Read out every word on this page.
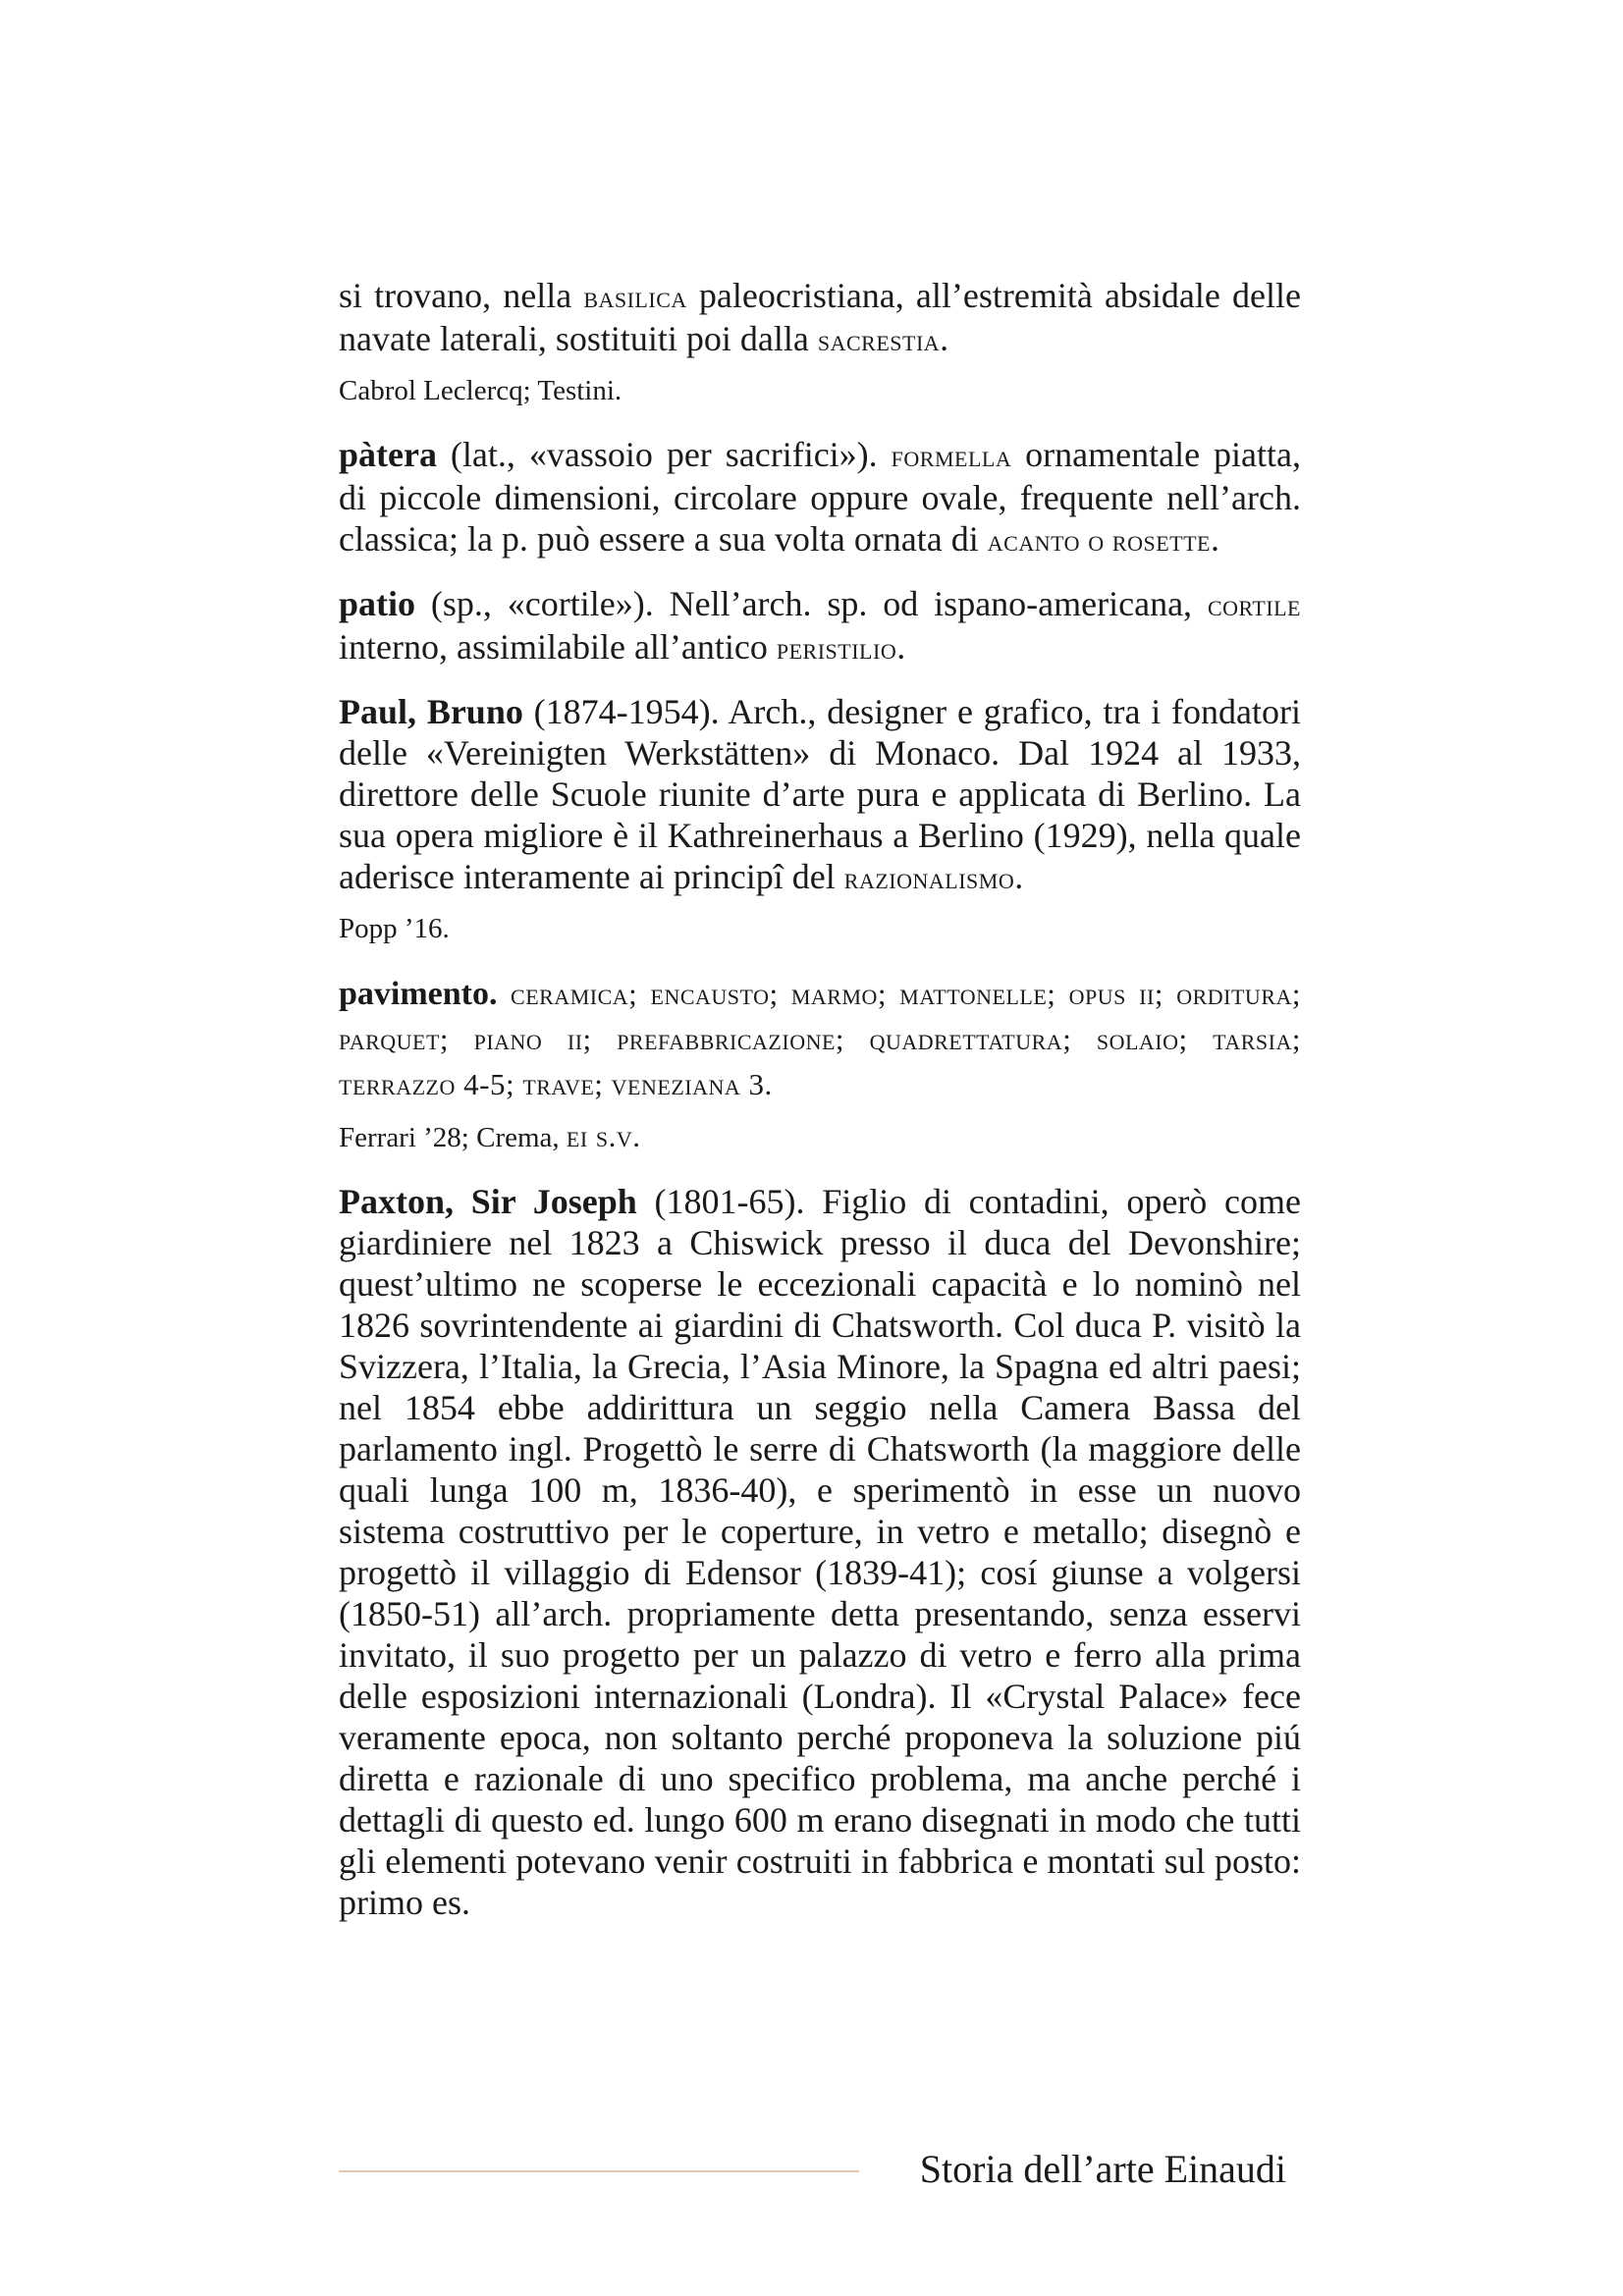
si trovano, nella basilica paleocristiana, all’estremità absidale delle navate laterali, sostituiti poi dalla sacrestia.

Cabrol Leclercq; Testini.

pàtera (lat., «vassoio per sacrifici»). formella ornamentale piatta, di piccole dimensioni, circolare oppure ovale, frequente nell’arch. classica; la p. può essere a sua volta ornata di acanto o rosette.

patio (sp., «cortile»). Nell’arch. sp. od ispano-americana, cortile interno, assimilabile all’antico peristilio.

Paul, Bruno (1874-1954). Arch., designer e grafico, tra i fondatori delle «Vereinigten Werkstätten» di Monaco. Dal 1924 al 1933, direttore delle Scuole riunite d’arte pura e applicata di Berlino. La sua opera migliore è il Kathreinerhaus a Berlino (1929), nella quale aderisce interamente ai principî del razionalismo.

Popp ’16.

pavimento. ceramica; encausto; marmo; mattonelle; opus ii; orditura; parquet; piano ii; prefabbricazione; quadrettatura; solaio; tarsia; terrazzo 4-5; trave; veneziana 3.

Ferrari ’28; Crema, ei s.v.

Paxton, Sir Joseph (1801-65). Figlio di contadini, operò come giardiniere nel 1823 a Chiswick presso il duca del Devonshire; quest’ultimo ne scoperse le eccezionali capacità e lo nominò nel 1826 sovrintendente ai giardini di Chatsworth. Col duca P. visitò la Svizzera, l’Italia, la Grecia, l’Asia Minore, la Spagna ed altri paesi; nel 1854 ebbe addirittura un seggio nella Camera Bassa del parlamento ingl. Progettò le serre di Chatsworth (la maggiore delle quali lunga 100 m, 1836-40), e sperimentò in esse un nuovo sistema costruttivo per le coperture, in vetro e metallo; disegnò e progettò il villaggio di Edensor (1839-41); cosí giunse a volgersi (1850-51) all’arch. propriamente detta presentando, senza esservi invitato, il suo progetto per un palazzo di vetro e ferro alla prima delle esposizioni internazionali (Londra). Il «Crystal Palace» fece veramente epoca, non soltanto perché proponeva la soluzione piú diretta e razionale di uno specifico problema, ma anche perché i dettagli di questo ed. lungo 600 m erano disegnati in modo che tutti gli elementi potevano venir costruiti in fabbrica e montati sul posto: primo es.

Storia dell’arte Einaudi
